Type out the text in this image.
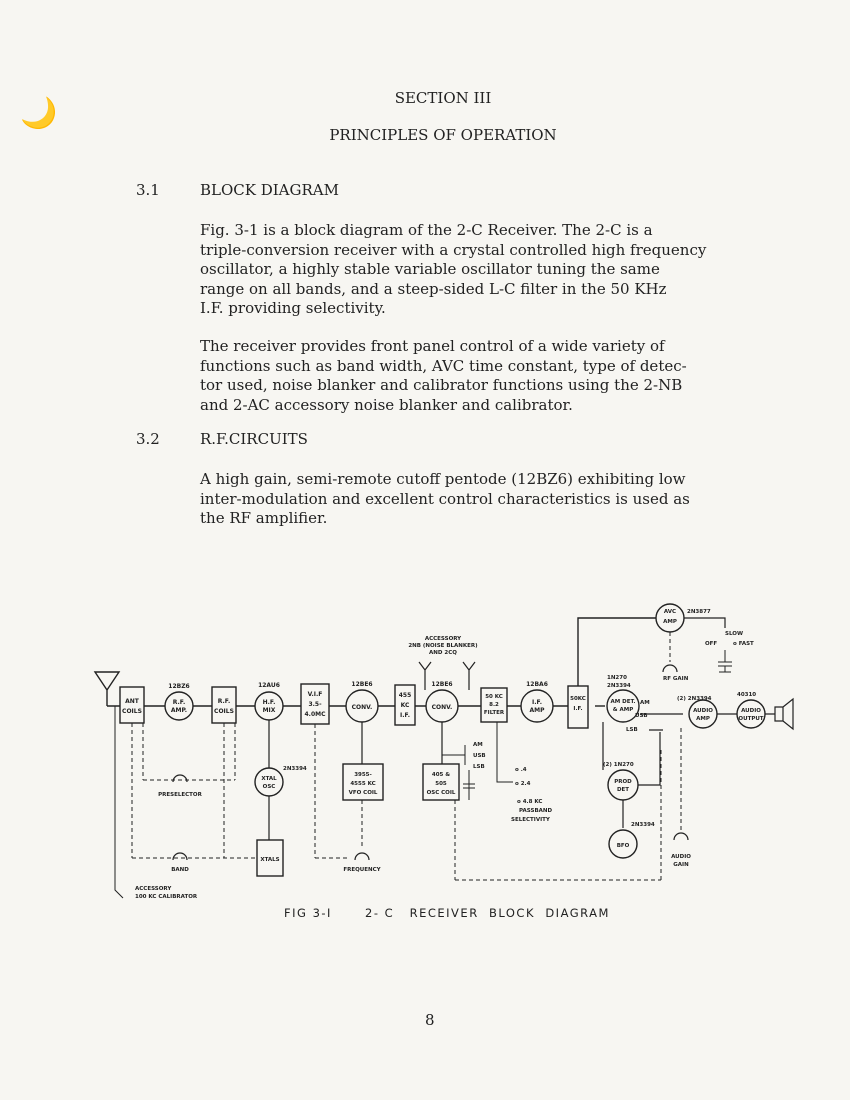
🌙	SECTION III
PRINCIPLES OF OPERATION
3.1	BLOCK DIAGRAM
Fig. 3-1 is a block diagram of the 2-C Receiver. The 2-C is a
triple-conversion receiver with a crystal controlled high frequency
oscillator, a highly stable variable oscillator tuning the same
range on all bands, and a steep-sided L-C filter in the 50 KHz
I.F. providing selectivity.
The receiver provides front panel control of a wide variety of
functions such as band width, AVC time constant, type of detec-
tor used, noise blanker and calibrator functions using the 2-NB
and 2-AC accessory noise blanker and calibrator.
3.2	R.F.CIRCUITS
A high gain, semi-remote cutoff pentode (12BZ6) exhibiting low
inter-modulation and excellent control characteristics is used as
the RF amplifier.
ANT
COILS
R.F.
AMP.
12BZ6
R.F.
COILS
H.F.
MIX
12AU6
V.I.F
3.5-
4.0MC
CONV.
12BE6
455
KC
I.F.
CONV.
12BE6
ACCESSORY
2NB (NOISE BLANKER)
AND 2CQ
50 KC
8.2
FILTER
I.F.
AMP
12BA6
50KC
I.F.
AVC
AMP
2N3877
OFF
SLOW
o FAST
RF GAIN
AM DET.
& AMP
1N270
2N3394
AM
USB
LSB
AUDIO
AMP
(2) 2N3394
AUDIO
OUTPUT
40310
PROD
DET
(2) 1N270
BFO
2N3394
AUDIO
GAIN
XTAL
OSC
2N3394
XTALS
3955-
4555 KC
VFO COIL
405 &
505
OSC COIL
AM
USB
LSB	o .4
o 2.4
o 4.8 KC
PASSBAND
SELECTIVITY
PRESELECTOR
BAND	FREQUENCY
ACCESSORY
100 KC CALIBRATOR
FIG 3-I	2- C   RECEIVER  BLOCK  DIAGRAM
8
